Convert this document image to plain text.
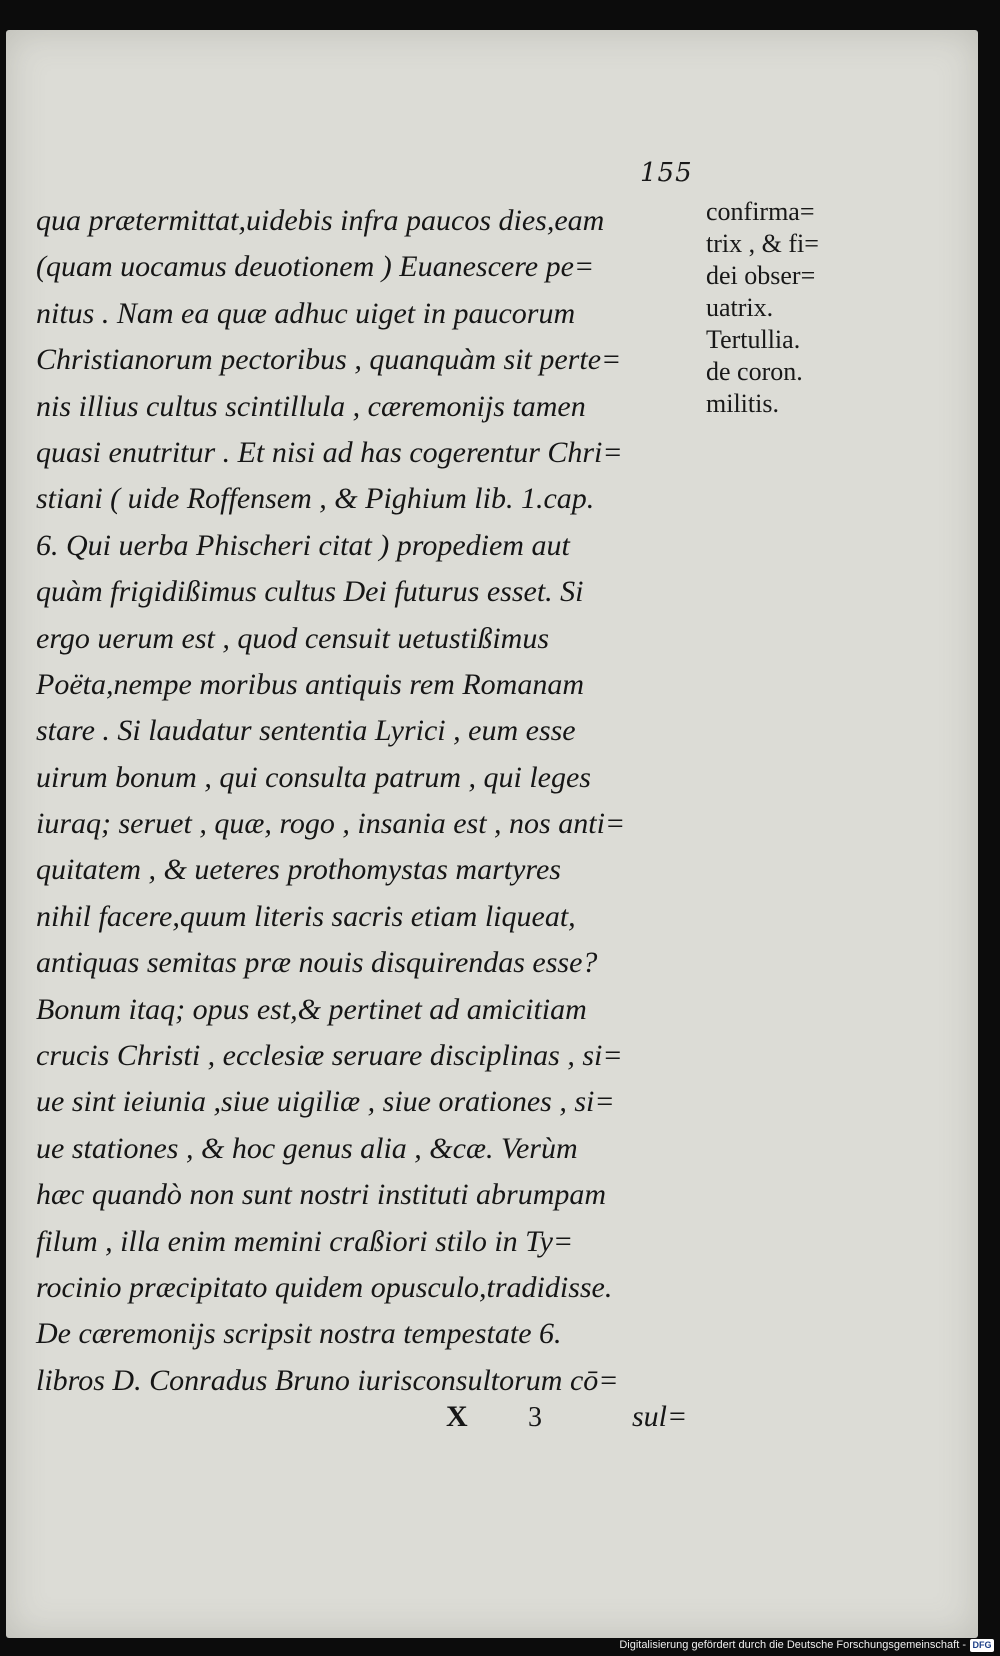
155
qua prætermittat,uidebis infra paucos dies,eam
(quam uocamus deuotionem ) Euanescere pe=
nitus . Nam ea quæ adhuc uiget in paucorum
Christianorum pectoribus , quanquàm sit perte=
nis illius cultus scintillula , cæremonijs tamen
quasi enutritur . Et nisi ad has cogerentur Chri=
stiani ( uide Roffensem , & Pighium lib. 1.cap.
6. Qui uerba Phischeri citat ) propediem aut
quàm frigidißimus cultus Dei futurus esset. Si
ergo uerum est , quod censuit uetustißimus
Poëta,nempe moribus antiquis rem Romanam
stare . Si laudatur sententia Lyrici , eum esse
uirum bonum , qui consulta patrum , qui leges
iuraq; seruet , quæ, rogo , insania est , nos anti=
quitatem , & ueteres prothomystas martyres
nihil facere,quum literis sacris etiam liqueat,
antiquas semitas præ nouis disquirendas esse?
Bonum itaq; opus est,& pertinet ad amicitiam
crucis Christi , ecclesiæ seruare disciplinas , si=
ue sint ieiunia ,siue uigiliæ , siue orationes , si=
ue stationes , & hoc genus alia , &cæ. Verùm
hæc quandò non sunt nostri instituti abrumpam
filum , illa enim memini craßiori stilo in Ty=
rocinio præcipitato quidem opusculo,tradidisse.
De cæremonijs scripsit nostra tempestate 6.
libros D. Conradus Bruno iurisconsultorum cō=
confirma=
trix , & fi=
dei obser=
uatrix.
Tertullia.
de coron.
militis.
X 3	sul=
Digitalisierung gefördert durch die Deutsche Forschungsgemeinschaft - DFG
